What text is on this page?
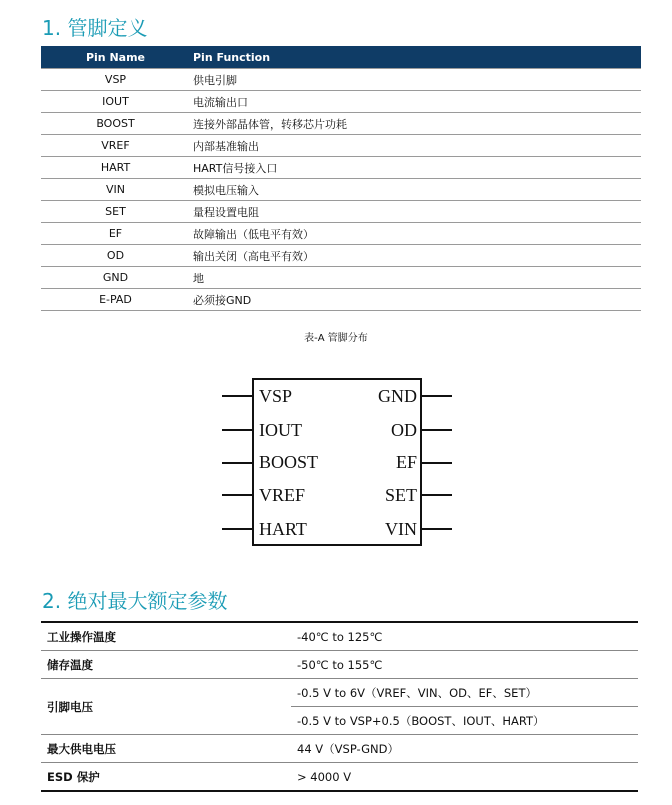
1. 管脚定义
Pin Name	Pin Function
VSP	供电引脚
IOUT	电流输出口
BOOST	连接外部晶体管，转移芯片功耗
VREF	内部基准输出
HART	HART信号接入口
VIN	模拟电压输入
SET	量程设置电阻
EF	故障输出（低电平有效）
OD	输出关闭（高电平有效）
GND	地
E-PAD	必须接GND
表-A 管脚分布
VSP
IOUT
BOOST
VREF
HART
GND
OD
EF
SET
VIN
2. 绝对最大额定参数
工业操作温度	-40℃ to 125℃
储存温度	-50℃ to 155℃
引脚电压	-0.5 V to 6V（VREF、VIN、OD、EF、SET）
	-0.5 V to VSP+0.5（BOOST、IOUT、HART）
最大供电电压	44 V（VSP-GND）
ESD 保护	> 4000 V
